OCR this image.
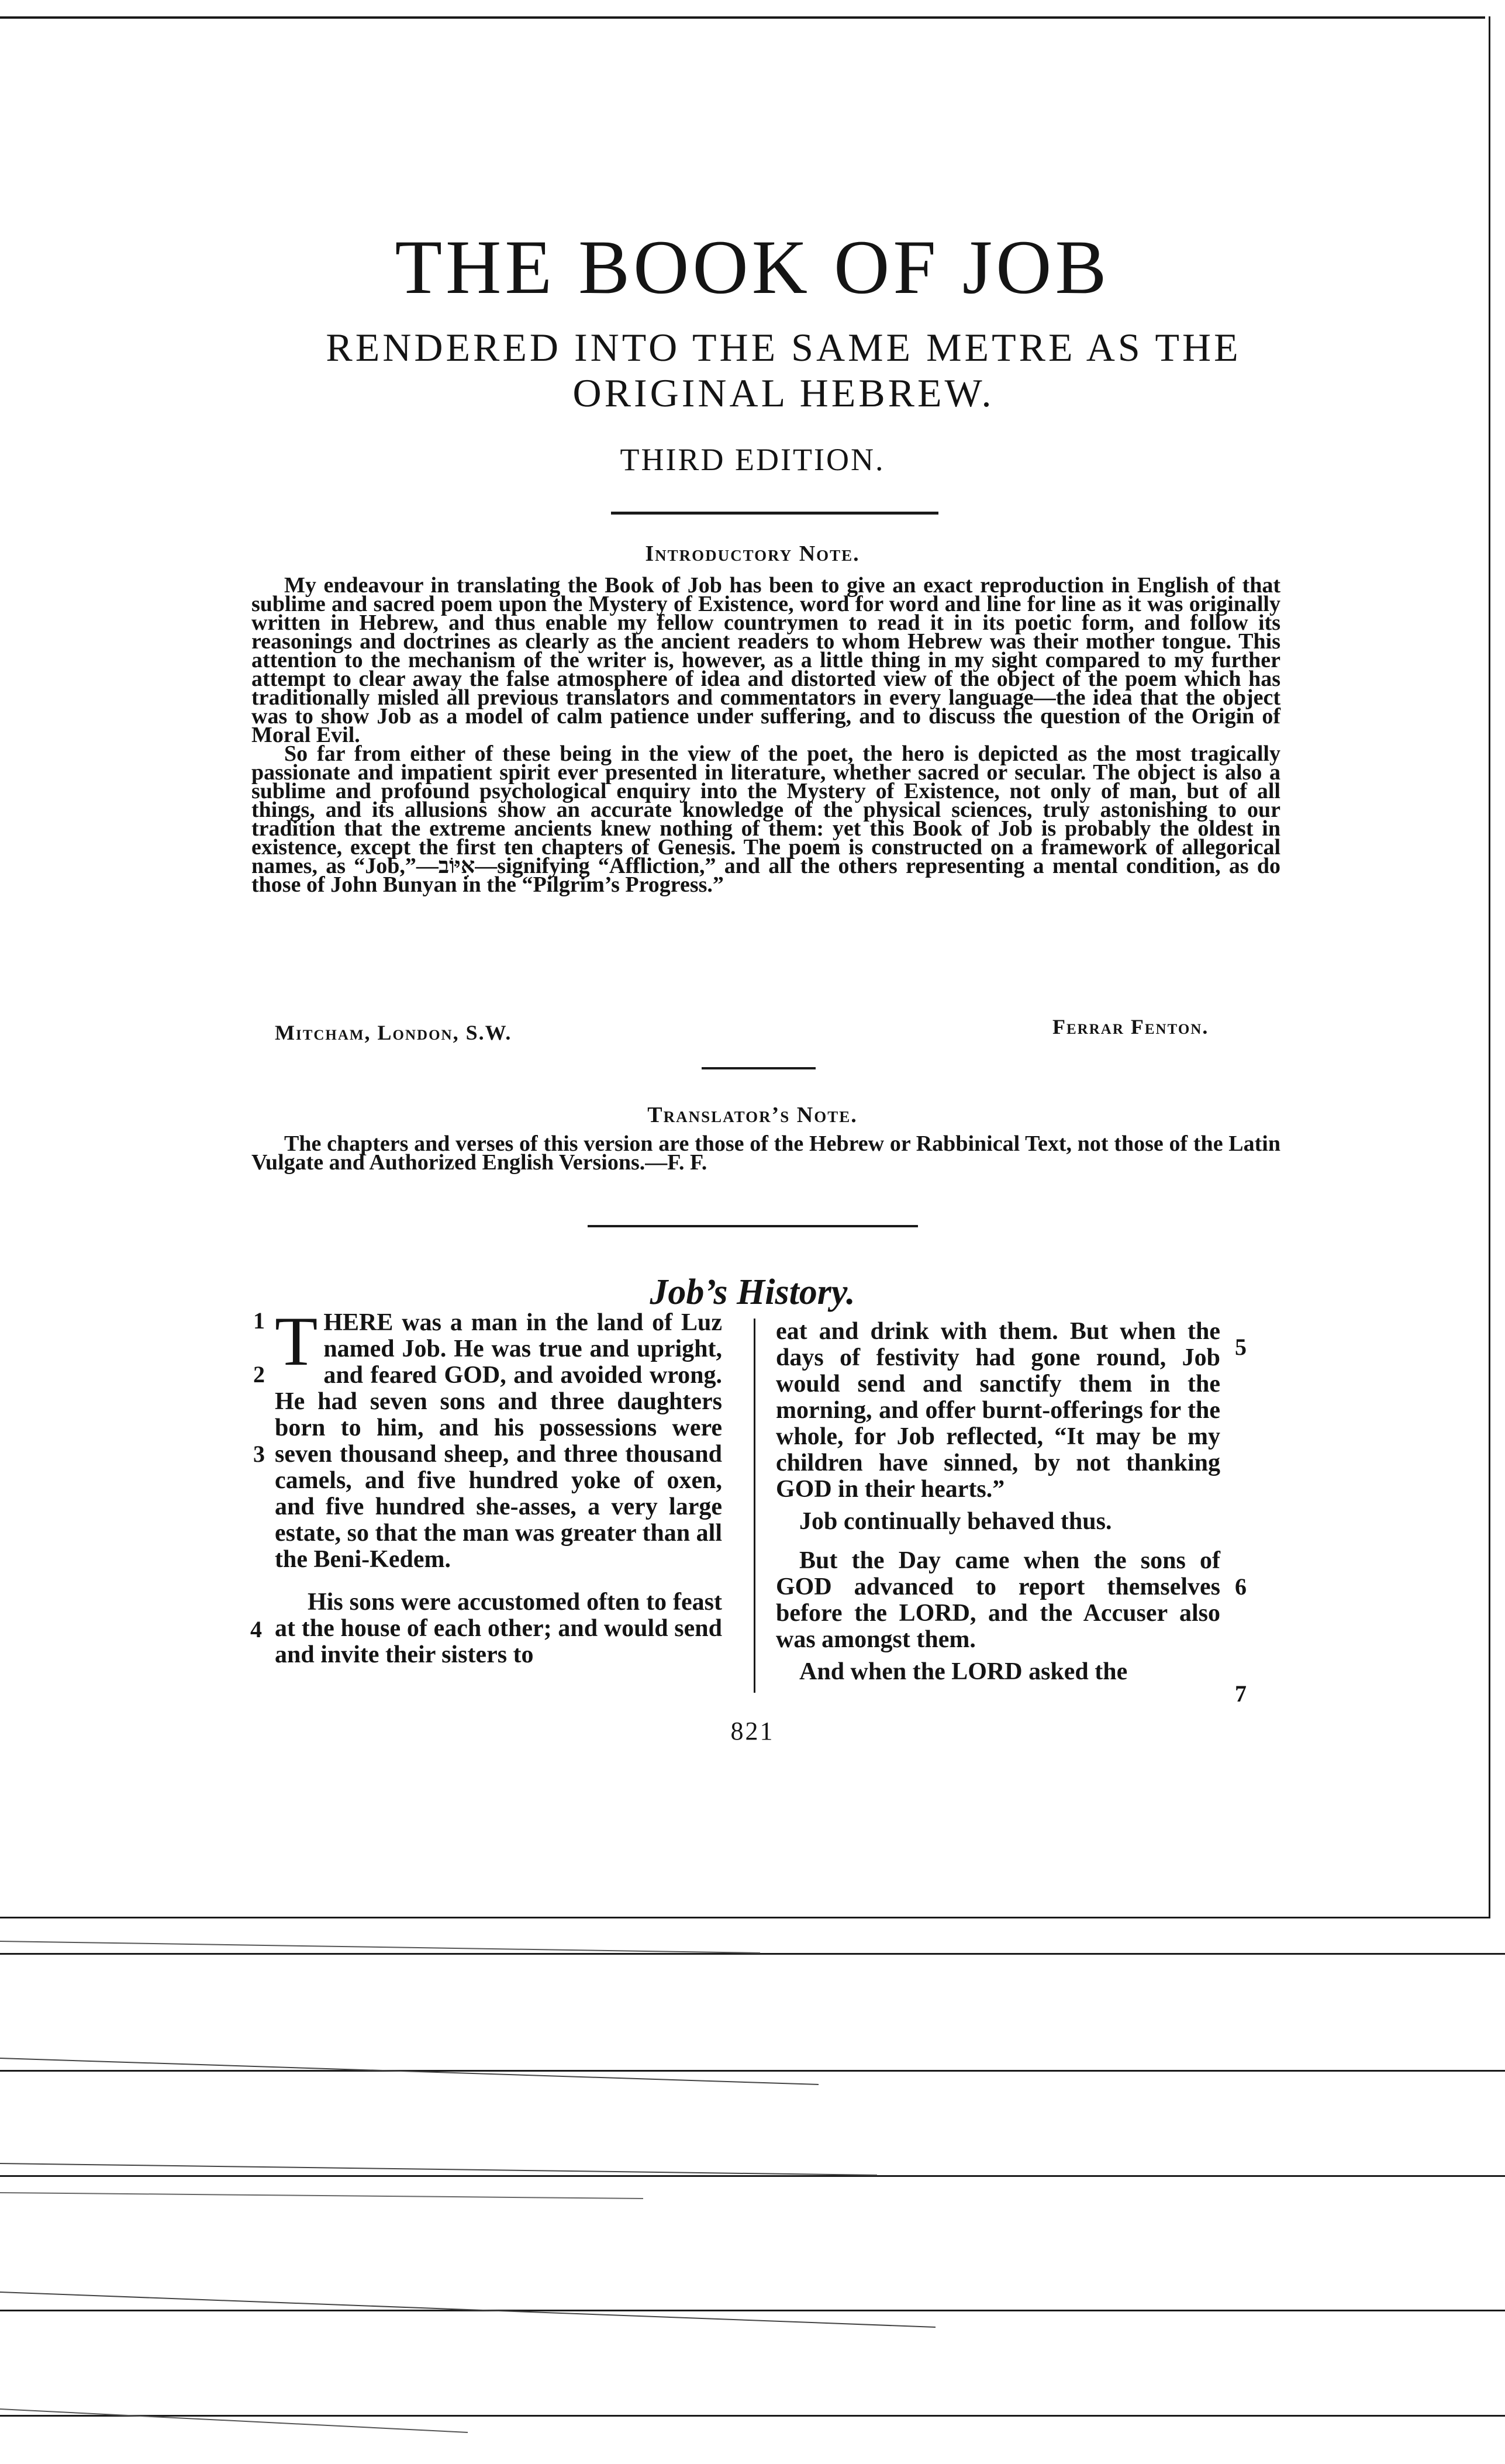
THE BOOK OF JOB
RENDERED INTO THE SAME METRE AS THE ORIGINAL HEBREW.
THIRD EDITION.
Introductory Note.

My endeavour in translating the Book of Job has been to give an exact reproduction in English of that sublime and sacred poem upon the Mystery of Existence, word for word and line for line as it was originally written in Hebrew, and thus enable my fellow countrymen to read it in its poetic form, and follow its reasonings and doctrines as clearly as the ancient readers to whom Hebrew was their mother tongue. This attention to the mechanism of the writer is, however, as a little thing in my sight compared to my further attempt to clear away the false atmosphere of idea and distorted view of the object of the poem which has traditionally misled all previous translators and commentators in every language—the idea that the object was to show Job as a model of calm patience under suffering, and to discuss the question of the Origin of Moral Evil.

So far from either of these being in the view of the poet, the hero is depicted as the most tragically passionate and impatient spirit ever presented in literature, whether sacred or secular. The object is also a sublime and profound psychological enquiry into the Mystery of Existence, not only of man, but of all things, and its allusions show an accurate knowledge of the physical sciences, truly astonishing to our tradition that the extreme ancients knew nothing of them: yet this Book of Job is probably the oldest in existence, except the first ten chapters of Genesis. The poem is constructed on a framework of allegorical names, as “Job,”—אִיּוֹב—signifying “Affliction,” and all the others representing a mental condition, as do those of John Bunyan in the “Pilgrim’s Progress.”

Mitcham, London, S.W.	Ferrar Fenton.
Translator’s Note.

The chapters and verses of this version are those of the Hebrew or Rabbinical Text, not those of the Latin Vulgate and Authorized English Versions.—F. F.

Job’s History.
1
2
3
4
5
6
7

THERE was a man in the land of Luz named Job. He was true and upright, and feared GOD, and avoided wrong. He had seven sons and three daughters born to him, and his possessions were seven thousand sheep, and three thousand camels, and five hundred yoke of oxen, and five hundred she-asses, a very large estate, so that the man was greater than all the Beni-Kedem.

His sons were accustomed often to feast at the house of each other; and would send and invite their sisters to

eat and drink with them. But when the days of festivity had gone round, Job would send and sanctify them in the morning, and offer burnt-offerings for the whole, for Job reflected, “It may be my children have sinned, by not thanking GOD in their hearts.”

Job continually behaved thus.

But the Day came when the sons of GOD advanced to report themselves before the LORD, and the Accuser also was amongst them.

And when the LORD asked the

821
